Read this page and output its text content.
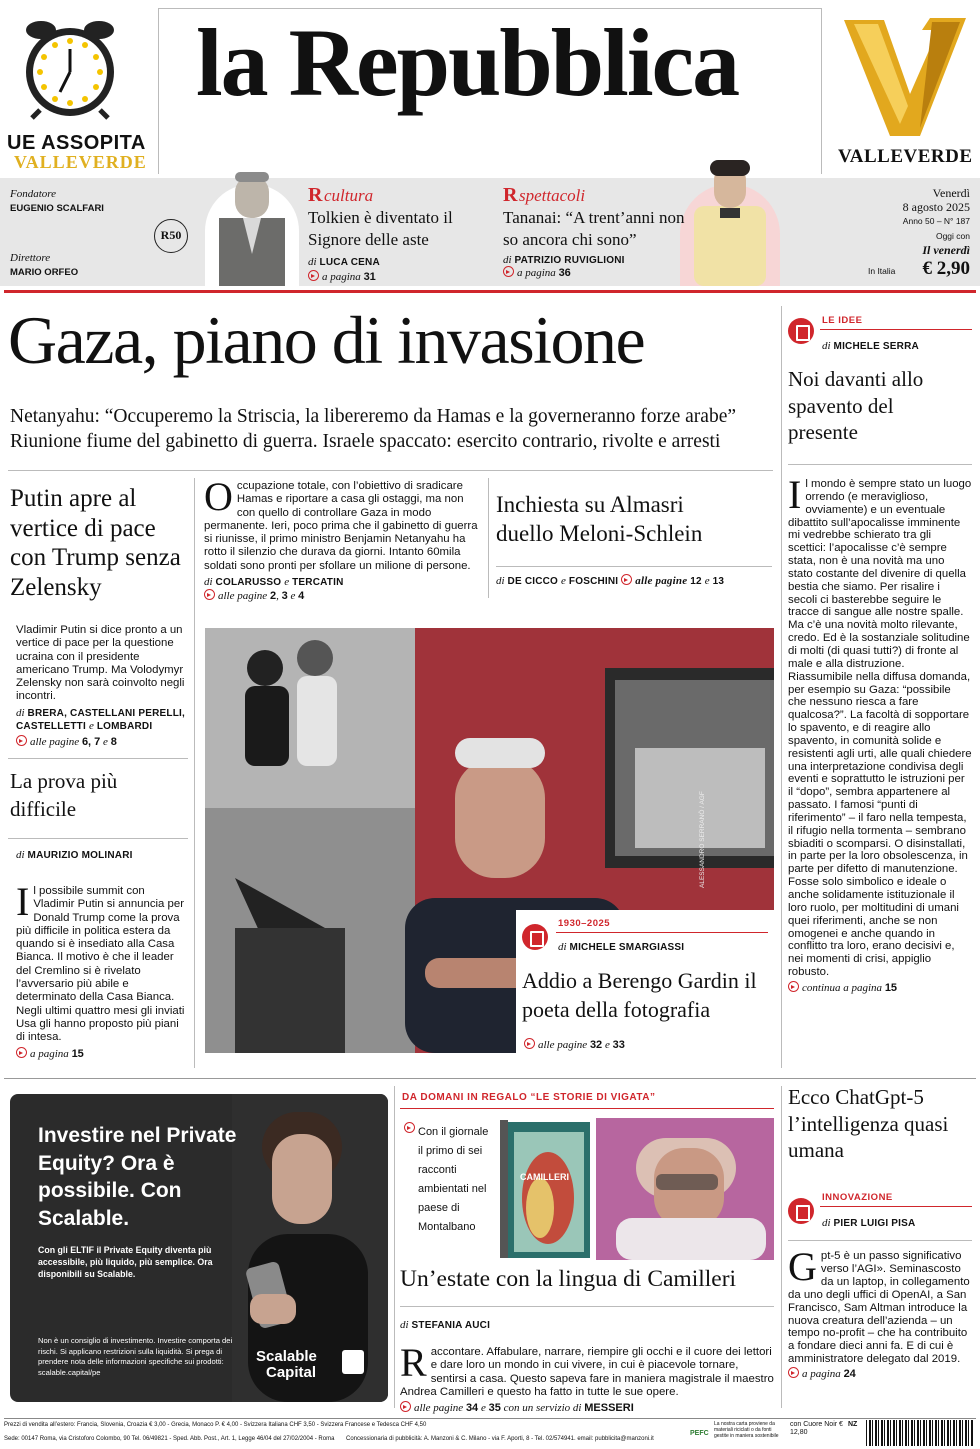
UE ASSOPITA
VALLEVERDE
la Repubblica
VALLEVERDE
Fondatore
EUGENIO SCALFARI
Direttore
MARIO ORFEO
R50
R cultura
Tolkien è diventato il Signore delle aste
di LUCA CENA
a pagina 31
R spettacoli
Tananai: “A trent’anni non so ancora chi sono”
di PATRIZIO RUVIGLIONI
a pagina 36
Venerdì
8 agosto 2025
Anno 50 – N° 187
Oggi con
Il venerdì
In Italia € 2,90
Gaza, piano di invasione
Netanyahu: “Occuperemo la Striscia, la libereremo da Hamas e la governeranno forze arabe”
Riunione fiume del gabinetto di guerra. Israele spaccato: esercito contrario, rivolte e arresti
Occupazione totale, con l’obiettivo di sradicare Hamas e riportare a casa gli ostaggi, ma non con quello di controllare Gaza in modo permanente. Ieri, poco prima che il gabinetto di guerra si riunisse, il primo ministro Benjamin Netanyahu ha rotto il silenzio che durava da giorni. Intanto 60mila soldati sono pronti per sfollare un milione di persone.
di COLARUSSO e TERCATIN
alle pagine 2, 3 e 4
Putin apre al vertice di pace con Trump senza Zelensky
Vladimir Putin si dice pronto a un vertice di pace per la questione ucraina con il presidente americano Trump. Ma Volodymyr Zelensky non sarà coinvolto negli incontri.
di BRERA, CASTELLANI PERELLI, CASTELLETTI e LOMBARDI
alle pagine 6, 7 e 8
Inchiesta su Almasri duello Meloni-Schlein
di DE CICCO e FOSCHINI alle pagine 12 e 13
La prova più difficile
di MAURIZIO MOLINARI
Il possibile summit con Vladimir Putin si annuncia per Donald Trump come la prova più difficile in politica estera da quando si è insediato alla Casa Bianca. Il motivo è che il leader del Cremlino si è rivelato l’avversario più abile e determinato della Casa Bianca. Negli ultimi quattro mesi gli inviati Usa gli hanno proposto più piani di intesa.
a pagina 15
ALESSANDRO SERRANÒ / AGF
1930–2025
di MICHELE SMARGIASSI
Addio a Berengo Gardin il poeta della fotografia
alle pagine 32 e 33
LE IDEE
di MICHELE SERRA
Noi davanti allo spavento del presente
Il mondo è sempre stato un luogo orrendo (e meraviglioso, ovviamente) e un eventuale dibattito sull’apocalisse imminente mi vedrebbe schierato tra gli scettici: l’apocalisse c’è sempre stata, non è una novità ma uno stato costante del divenire di quella bestia che siamo. Per risalire i secoli ci basterebbe seguire le tracce di sangue alle nostre spalle. Ma c’è una novità molto rilevante, credo. Ed è la sostanziale solitudine di molti (di quasi tutti?) di fronte al male e alla distruzione. Riassumibile nella diffusa domanda, per esempio su Gaza: “possibile che nessuno riesca a fare qualcosa?”. La facoltà di sopportare lo spavento, e di reagire allo spavento, in comunità solide e resistenti agli urti, alle quali chiedere una interpretazione condivisa degli eventi e soprattutto le istruzioni per il “dopo”, sembra appartenere al passato. I famosi “punti di riferimento” – il faro nella tempesta, il rifugio nella tormenta – sembrano sbiaditi o scomparsi. O disinstallati, in parte per la loro obsolescenza, in parte per difetto di manutenzione. Fosse solo simbolico e ideale o anche solidamente istituzionale il loro ruolo, per moltitudini di umani quei riferimenti, anche se non omogenei e anche quando in conflitto tra loro, erano decisivi e, nei momenti di crisi, appiglio robusto.
continua a pagina 15
Investire nel Private Equity? Ora è possibile. Con Scalable.
Con gli ELTIF il Private Equity diventa più accessibile, più liquido, più semplice. Ora disponibili su Scalable.
Non è un consiglio di investimento. Investire comporta dei rischi. Si applicano restrizioni sulla liquidità. Si prega di prendere nota delle informazioni specifiche sui prodotti: scalable.capital/pe
Scalable
Capital
DA DOMANI IN REGALO “LE STORIE DI VIGATA”
Con il giornale il primo di sei racconti ambientati nel paese di Montalbano
CAMILLERI
Un’estate con la lingua di Camilleri
di STEFANIA AUCI
Raccontare. Affabulare, narrare, riempire gli occhi e il cuore dei lettori e dare loro un mondo in cui vivere, in cui è piacevole tornare, sentirsi a casa. Questo sapeva fare in maniera magistrale il maestro Andrea Camilleri e questo ha fatto in tutte le sue opere.
alle pagine 34 e 35 con un servizio di MESSERI
Ecco ChatGpt-5 l’intelligenza quasi umana
INNOVAZIONE
di PIER LUIGI PISA
Gpt-5 è un passo significativo verso l’AGI». Seminascosto da un laptop, in collegamento da uno degli uffici di OpenAI, a San Francisco, Sam Altman introduce la nuova creatura dell’azienda – un tempo no-profit – che ha contribuito a fondare dieci anni fa. E di cui è amministratore delegato dal 2019.
a pagina 24
Prezzi di vendita all’estero: Francia, Slovenia, Croazia € 3,00 - Grecia, Monaco P. € 4,00 - Svizzera Italiana CHF 3,50 - Svizzera Francese e Tedesca CHF 4,50
Sede: 00147 Roma, via Cristoforo Colombo, 90 Tel. 06/49821 - Sped. Abb. Post., Art. 1, Legge 46/04 del 27/02/2004 - Roma Concessionaria di pubblicità: A. Manzoni & C. Milano - via F. Aporti, 8 - Tel. 02/574941. email: pubblicita@manzoni.it
PEFC
La nostra carta proviene da materiali riciclati o da fonti gestite in maniera sostenibile
con Cuore Noir € 12,80
NZ
